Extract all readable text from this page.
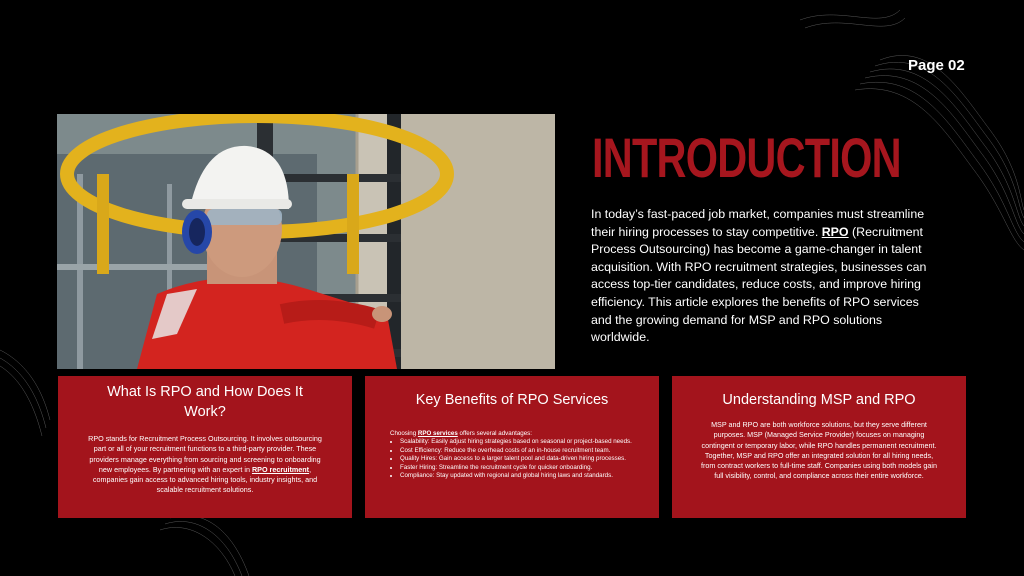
Page 02
INTRODUCTION

In today’s fast-paced job market, companies must streamline their hiring processes to stay competitive. RPO (Recruitment Process Outsourcing) has become a game-changer in talent acquisition. With RPO recruitment strategies, businesses can access top-tier candidates, reduce costs, and improve hiring efficiency. This article explores the benefits of RPO services and the growing demand for MSP and RPO solutions worldwide.

What Is RPO and How Does It Work?

RPO stands for Recruitment Process Outsourcing. It involves outsourcing part or all of your recruitment functions to a third-party provider. These providers manage everything from sourcing and screening to onboarding new employees. By partnering with an expert in RPO recruitment, companies gain access to advanced hiring tools, industry insights, and scalable recruitment solutions.

Key Benefits of RPO Services

Choosing RPO services offers several advantages:

• Scalability: Easily adjust hiring strategies based on seasonal or project-based needs.
• Cost Efficiency: Reduce the overhead costs of an in-house recruitment team.
• Quality Hires: Gain access to a larger talent pool and data-driven hiring processes.
• Faster Hiring: Streamline the recruitment cycle for quicker onboarding.
• Compliance: Stay updated with regional and global hiring laws and standards.
Understanding MSP and RPO

MSP and RPO are both workforce solutions, but they serve different purposes. MSP (Managed Service Provider) focuses on managing contingent or temporary labor, while RPO handles permanent recruitment. Together, MSP and RPO offer an integrated solution for all hiring needs, from contract workers to full-time staff. Companies using both models gain full visibility, control, and compliance across their entire workforce.
